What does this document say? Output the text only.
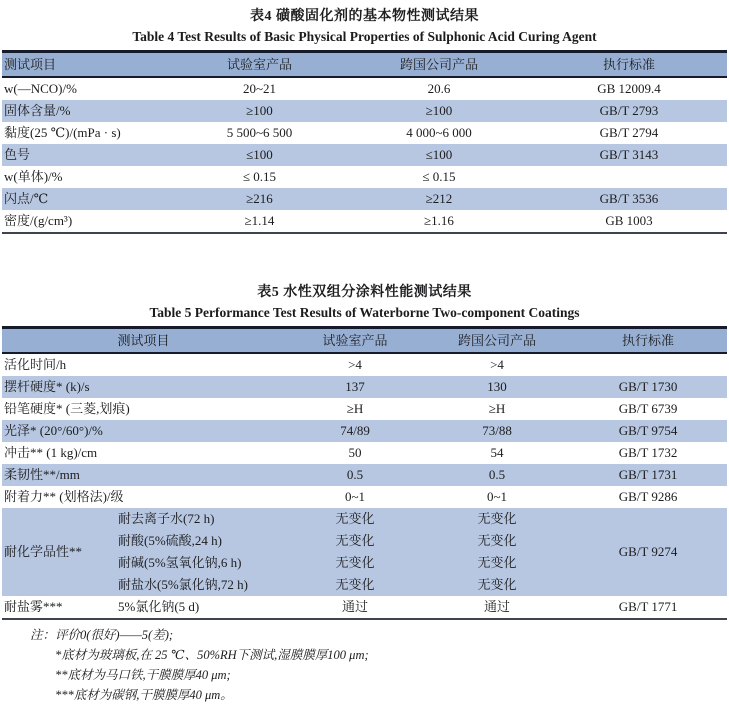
表4 磺酸固化剂的基本物性测试结果
Table 4 Test Results of Basic Physical Properties of Sulphonic Acid Curing Agent
测试项目	试验室产品	跨国公司产品	执行标准
w(—NCO)/%	20~21	20.6	GB 12009.4
固体含量/%	≥100	≥100	GB/T 2793
黏度(25 ℃)/(mPa · s)	5 500~6 500	4 000~6 000	GB/T 2794
色号	≤100	≤100	GB/T 3143
w(单体)/%	≤ 0.15	≤ 0.15	
闪点/℃	≥216	≥212	GB/T 3536
密度/(g/cm³)	≥1.14	≥1.16	GB 1003
表5 水性双组分涂料性能测试结果
Table 5 Performance Test Results of Waterborne Two-component Coatings
测试项目		试验室产品	跨国公司产品	执行标准
活化时间/h		>4	>4	
摆杆硬度* (k)/s		137	130	GB/T 1730
铅笔硬度* (三菱,划痕)		≥H	≥H	GB/T 6739
光泽* (20°/60°)/%		74/89	73/88	GB/T 9754
冲击** (1 kg)/cm		50	54	GB/T 1732
柔韧性**/mm		0.5	0.5	GB/T 1731
附着力** (划格法)/级		0~1	0~1	GB/T 9286
耐化学品性**	耐去离子水(72 h)	无变化	无变化	GB/T 9274
	耐酸(5%硫酸,24 h)	无变化	无变化	
	耐碱(5%氢氧化钠,6 h)	无变化	无变化	
	耐盐水(5%氯化钠,72 h)	无变化	无变化	
耐盐雾***	5%氯化钠(5 d)	通过	通过	GB/T 1771
注：评价0(很好)——5(差);
*底材为玻璃板,在 25 ℃、50%RH下测试,湿膜膜厚100 μm;
**底材为马口铁,干膜膜厚40 μm;
***底材为碳钢,干膜膜厚40 μm。
